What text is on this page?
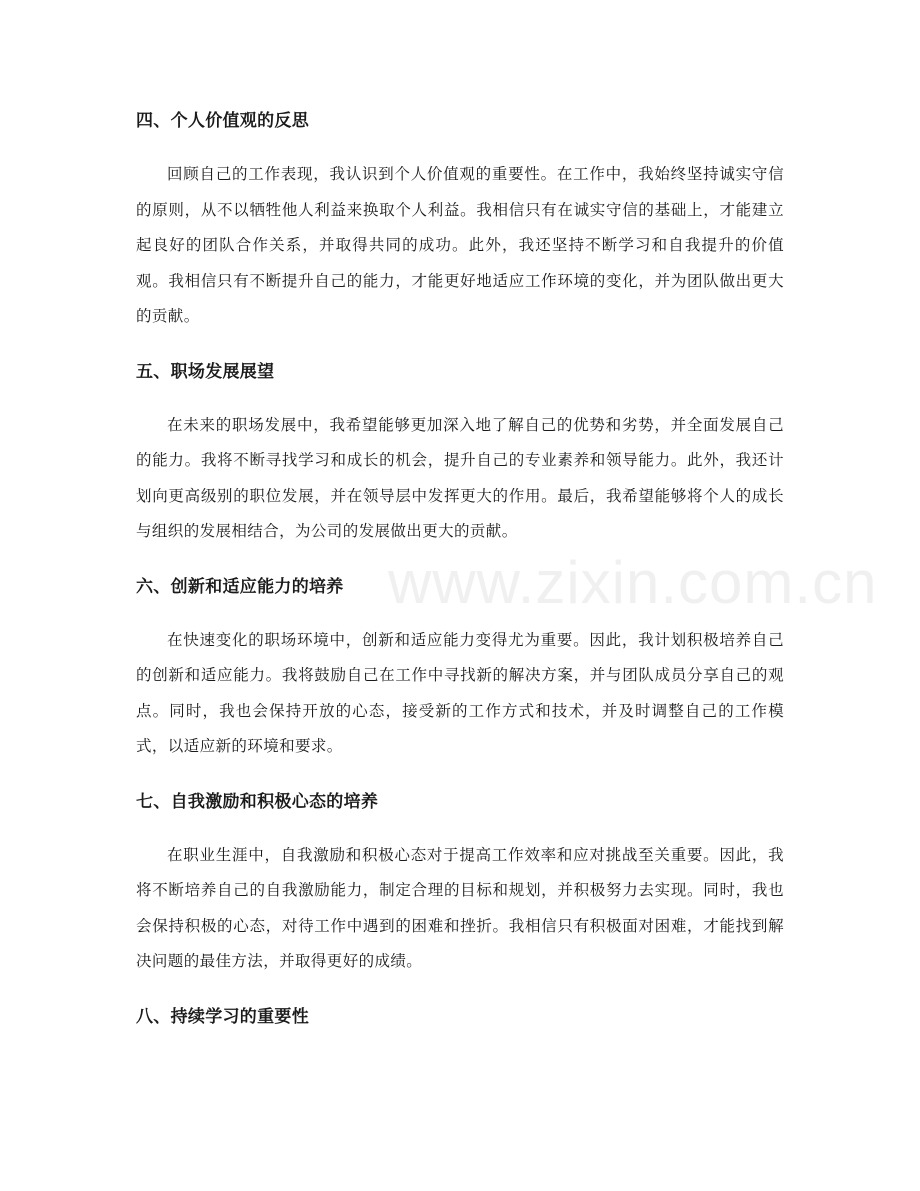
四、个人价值观的反思

回顾自己的工作表现，我认识到个人价值观的重要性。在工作中，我始终坚持诚实守信的原则，从不以牺牲他人利益来换取个人利益。我相信只有在诚实守信的基础上，才能建立起良好的团队合作关系，并取得共同的成功。此外，我还坚持不断学习和自我提升的价值观。我相信只有不断提升自己的能力，才能更好地适应工作环境的变化，并为团队做出更大的贡献。

五、职场发展展望

在未来的职场发展中，我希望能够更加深入地了解自己的优势和劣势，并全面发展自己的能力。我将不断寻找学习和成长的机会，提升自己的专业素养和领导能力。此外，我还计划向更高级别的职位发展，并在领导层中发挥更大的作用。最后，我希望能够将个人的成长与组织的发展相结合，为公司的发展做出更大的贡献。

六、创新和适应能力的培养

在快速变化的职场环境中，创新和适应能力变得尤为重要。因此，我计划积极培养自己的创新和适应能力。我将鼓励自己在工作中寻找新的解决方案，并与团队成员分享自己的观点。同时，我也会保持开放的心态，接受新的工作方式和技术，并及时调整自己的工作模式，以适应新的环境和要求。

七、自我激励和积极心态的培养

在职业生涯中，自我激励和积极心态对于提高工作效率和应对挑战至关重要。因此，我将不断培养自己的自我激励能力，制定合理的目标和规划，并积极努力去实现。同时，我也会保持积极的心态，对待工作中遇到的困难和挫折。我相信只有积极面对困难，才能找到解决问题的最佳方法，并取得更好的成绩。

八、持续学习的重要性
www.zixin.com.cn
